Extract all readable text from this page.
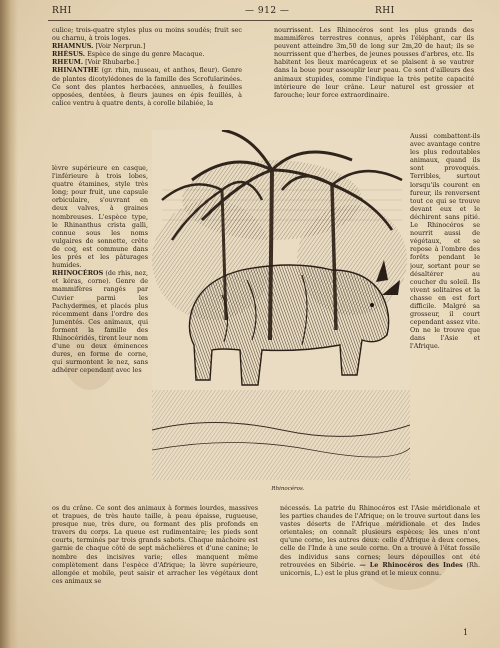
RHI	— 912 —	RHI

culice; trois-quatre styles plus ou moins soudés; fruit sec ou charnu, à trois loges.

RHAMNUS. [Voir Nerprun.]

RHÉSUS. Espèce de singe du genre Macaque.

RHEUM. [Voir Rhubarbe.]

RHINANTHE (gr. rhin, museau, et anthos, fleur). Genre de plantes dicotylédones de la famille des Scrofularinées. Ce sont des plantes herbacées, annuelles, à feuilles opposées, dentées, à fleurs jaunes en épis feuillés, à calice ventru à quatre dents, à corolle bilabiée, la

nourrissent. Les Rhinocéros sont les plus grands des mammifères terrestres connus, après l'éléphant, car ils peuvent atteindre 3m,50 de long sur 2m,20 de haut; ils se nourrissent que d'herbes, de jeunes pousses d'arbres, etc. Ils habitent les lieux marécageux et se plaisent à se vautrer dans la boue pour assouplir leur peau. Ce sont d'ailleurs des animaux stupides, comme l'indique la très petite capacité intérieure de leur crâne. Leur naturel est grossier et farouche; leur force extraordinaire.

lèvre supérieure en casque, l'inférieure à trois lobes, quatre étamines, style très long; pour fruit, une capsule orbiculaire, s'ouvrant en deux valves, à graines nombreuses. L'espèce type, le Rhinanthus crista galli, connue sous les noms vulgaires de sonnette, crête de coq, est commune dans les prés et les pâturages humides.

RHINOCÉROS (de rhis, nez, et kéras, corne). Genre de mammifères rangés par Cuvier parmi les Pachydermes, et placés plus récemment dans l'ordre des Jumentés. Ces animaux, qui forment la famille des Rhinocéridés, tirent leur nom d'une ou deux éminences dures, en forme de corne, qui surmontent le nez, sans adhérer cependant avec les

Aussi combattent-ils avec avantage contre les plus redoutables animaux, quand ils sont provoqués. Terribles, surtout lorsqu'ils courent en fureur, ils renversent tout ce qui se trouve devant eux et le déchirent sans pitié. Le Rhinocéros se nourrit aussi de végétaux, et se repose à l'ombre des forêts pendant le jour, sortant pour se désaltérer au coucher du soleil. Ils vivent solitaires et la chasse en est fort difficile. Malgré sa grosseur, il court cependant assez vite. On ne le trouve que dans l'Asie et l'Afrique.

Rhinocéros.

os du crâne. Ce sont des animaux à formes lourdes, massives et trapues, de très haute taille, à peau épaisse, rugueuse, presque nue, très dure, ou formant des plis profonds en travers du corps. La queue est rudimentaire; les pieds sont courts, terminés par trois grands sabots. Chaque mâchoire est garnie de chaque côté de sept mâchelières et d'une canine; le nombre des incisives varie; elles manquent même complètement dans l'espèce d'Afrique; la lèvre supérieure, allongée et mobile, peut saisir et arracher les végétaux dont ces animaux se

nécessés. La patrie du Rhinocéros est l'Asie méridionale et les parties chaudes de l'Afrique; on le trouve surtout dans les vastes déserts de l'Afrique méridionale et des Indes orientales; on connaît plusieurs espèces; les unes n'ont qu'une corne, les autres deux: celle d'Afrique à deux cornes, celle de l'Inde à une seule corne. On a trouvé à l'état fossile des individus sans cornes; leurs dépouilles ont été retrouvées en Sibérie. — Le Rhinocéros des Indes (Rh. unicornis, L.) est le plus grand et le mieux connu.

1
